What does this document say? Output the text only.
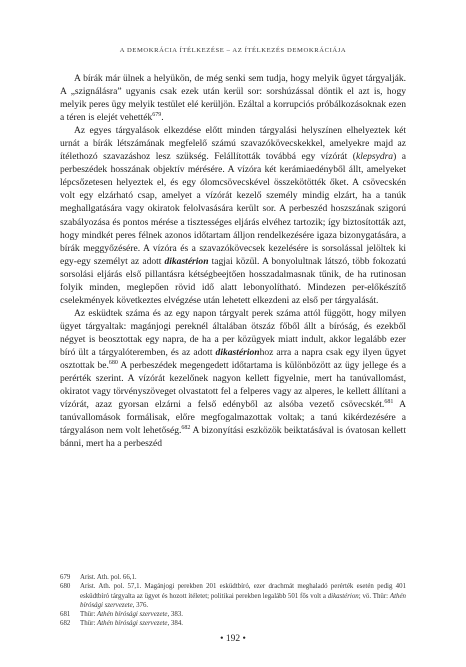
A DEMOKRÁCIA ÍTÉLKEZÉSE – AZ ÍTÉLKEZÉS DEMOKRÁCIÁJA

A bírák már ülnek a helyükön, de még senki sem tudja, hogy melyik ügyet tárgyalják. A „szignálásra” ugyanis csak ezek után kerül sor: sorshúzással döntik el azt is, hogy melyik peres ügy melyik testület elé kerüljön. Ezáltal a korrupciós próbálkozásoknak ezen a téren is elejét vehették$^{679}$.

Az egyes tárgyalások elkezdése előtt minden tárgyalási helyszínen elhelyeztek két urnát a bírák létszámának megfelelő számú szavazókövecskekkel, amelyekre majd az ítélethozó szavazáshoz lesz szükség. Felállították továbbá egy vízórát (klepsydra) a perbeszédek hosszának objektív mérésére. A vízóra két kerámiaedényből állt, amelyeket lépcsőzetesen helyeztek el, és egy ólomcsövecskével összekötötték őket. A csövecskén volt egy elzárható csap, amelyet a vízórát kezelő személy mindig elzárt, ha a tanúk meghallgatására vagy okiratok felolvasására került sor. A perbeszéd hoszszának szigorú szabályozása és pontos mérése a tisztességes eljárás elvéhez tartozik; így biztosították azt, hogy mindkét peres félnek azonos időtartam álljon rendelkezésére igaza bizonygatására, a bírák meggyőzésére. A vízóra és a szavazókövecsek kezelésére is sorsolással jelöltek ki egy-egy személyt az adott dikastérion tagjai közül. A bonyolultnak látszó, több fokozatú sorsolási eljárás első pillantásra kétségbeejtően hosszadalmasnak tűnik, de ha rutinosan folyik minden, meglepően rövid idő alatt lebonyolítható. Mindezen per-előkészítő cselekmények következtes elvégzése után lehetett elkezdeni az első per tárgyalását.

Az esküdtek száma és az egy napon tárgyalt perek száma attól függött, hogy milyen ügyet tárgyaltak: magánjogi pereknél általában ötszáz főből állt a bíróság, és ezekből négyet is beosztottak egy napra, de ha a per közügyek miatt indult, akkor legalább ezer bíró ült a tárgyalóteremben, és az adott dikastérionhoz arra a napra csak egy ilyen ügyet osztottak be.$^{680}$ A perbeszédek megengedett időtartama is különbözött az ügy jellege és a perérték szerint. A vízórát kezelőnek nagyon kellett figyelnie, mert ha tanúvallomást, okiratot vagy törvényszöveget olvastatott fel a felperes vagy az alperes, le kellett állítani a vízórát, azaz gyorsan elzárni a felső edényből az alsóba vezető csövecskét.$^{681}$ A tanúvallomások formálisak, előre megfogalmazottak voltak; a tanú kikérdezésére a tárgyaláson nem volt lehetőség.$^{682}$ A bizonyítási eszközök beiktatásával is óvatosan kellett bánni, mert ha a perbeszéd

679	Arist. Ath. pol. 66,1.
680	Arist. Ath. pol. 57,1. Magánjogi perekben 201 esküdtbíró, ezer drachmát meghaladó perérték esetén pedig 401 esküdtbíró tárgyalta az ügyet és hozott ítéletet; politikai perekben legalább 501 fős volt a dikastérion; vö. Thür: Athén bírósági szervezete, 376.
681	Thür: Athén bírósági szervezete, 383.
682	Thür: Athén bírósági szervezete, 384.
• 192 •
